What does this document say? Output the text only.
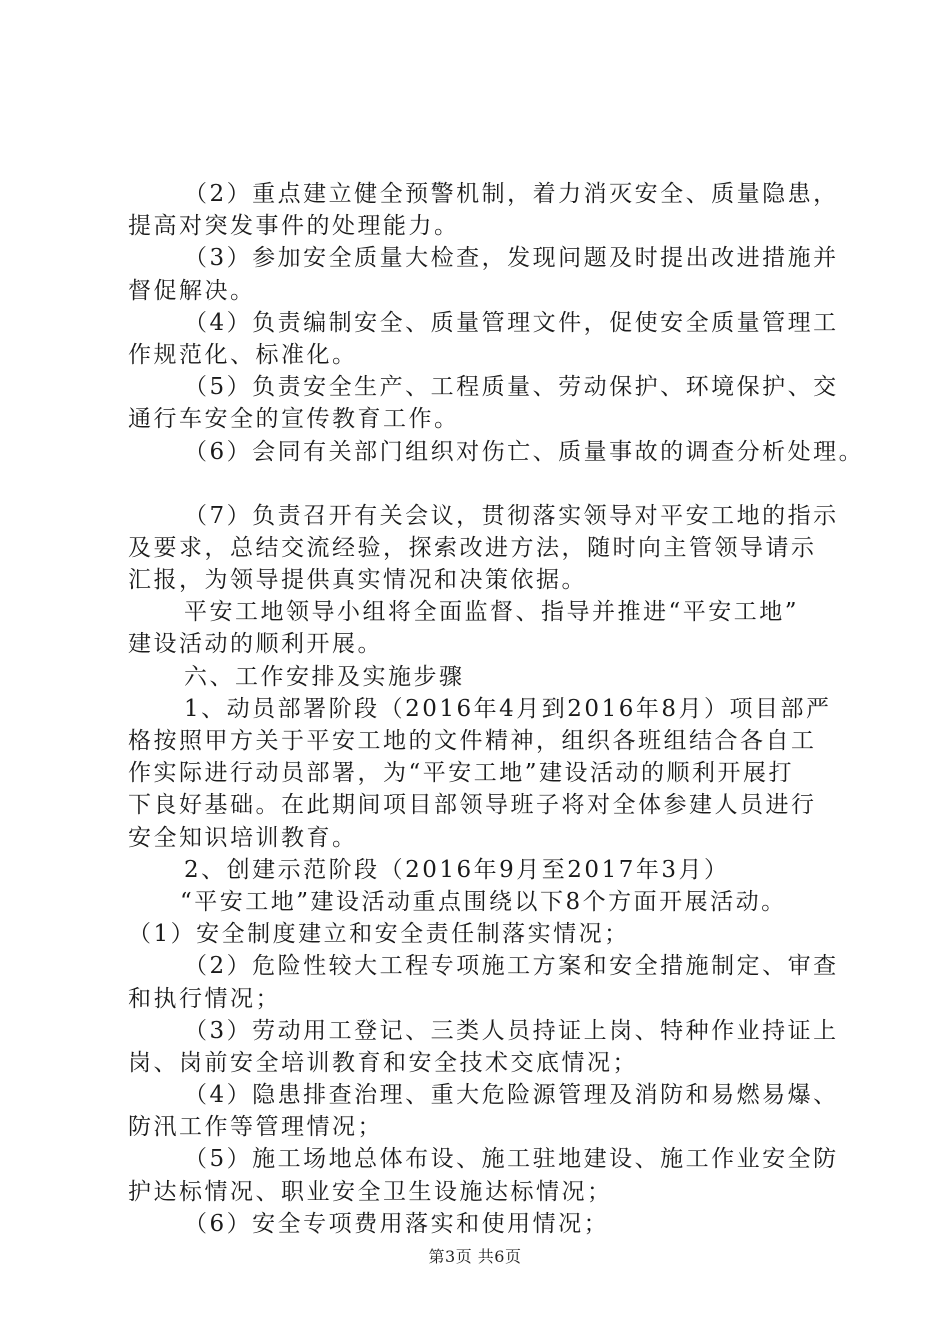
（2）重点建立健全预警机制，着力消灭安全、质量隐患，
提高对突发事件的处理能力。
（3）参加安全质量大检查，发现问题及时提出改进措施并
督促解决。
（4）负责编制安全、质量管理文件，促使安全质量管理工
作规范化、标准化。
（5）负责安全生产、工程质量、劳动保护、环境保护、交
通行车安全的宣传教育工作。
（6）会同有关部门组织对伤亡、质量事故的调查分析处理。
（7）负责召开有关会议，贯彻落实领导对平安工地的指示
及要求，总结交流经验，探索改进方法，随时向主管领导请示
汇报，为领导提供真实情况和决策依据。
平安工地领导小组将全面监督、指导并推进“平安工地”
建设活动的顺利开展。
六、工作安排及实施步骤
1、动员部署阶段（2016年4月到2016年8月）项目部严
格按照甲方关于平安工地的文件精神，组织各班组结合各自工
作实际进行动员部署，为“平安工地”建设活动的顺利开展打
下良好基础。在此期间项目部领导班子将对全体参建人员进行
安全知识培训教育。
2、创建示范阶段（2016年9月至2017年3月）
“平安工地”建设活动重点围绕以下8个方面开展活动。
（1）安全制度建立和安全责任制落实情况；
（2）危险性较大工程专项施工方案和安全措施制定、审查
和执行情况；
（3）劳动用工登记、三类人员持证上岗、特种作业持证上
岗、岗前安全培训教育和安全技术交底情况；
（4）隐患排查治理、重大危险源管理及消防和易燃易爆、
防汛工作等管理情况；
（5）施工场地总体布设、施工驻地建设、施工作业安全防
护达标情况、职业安全卫生设施达标情况；
（6）安全专项费用落实和使用情况；
第3页 共6页
